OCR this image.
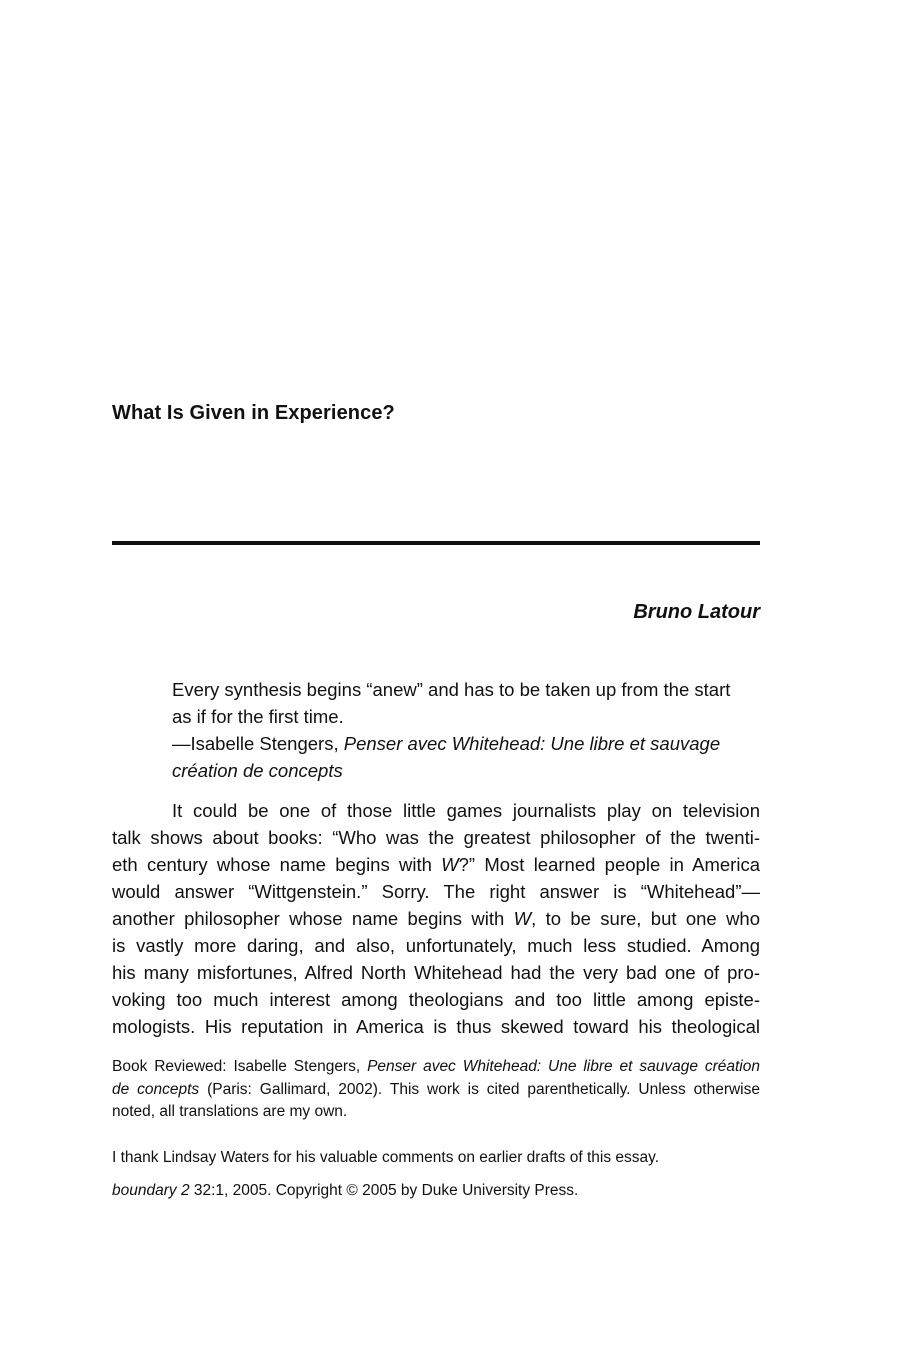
What Is Given in Experience?
Bruno Latour

Every synthesis begins “anew” and has to be taken up from the start

as if for the first time.

—Isabelle Stengers, Penser avec Whitehead: Une libre et sauvage

création de concepts

It could be one of those little games journalists play on television
talk shows about books: “Who was the greatest philosopher of the twenti-
eth century whose name begins with W?” Most learned people in America
would answer “Wittgenstein.” Sorry. The right answer is “Whitehead”—
another philosopher whose name begins with W, to be sure, but one who
is vastly more daring, and also, unfortunately, much less studied. Among
his many misfortunes, Alfred North Whitehead had the very bad one of pro-
voking too much interest among theologians and too little among episte-
mologists. His reputation in America is thus skewed toward his theological
Book Reviewed: Isabelle Stengers, Penser avec Whitehead: Une libre et sauvage création
de concepts (Paris: Gallimard, 2002). This work is cited parenthetically. Unless otherwise
noted, all translations are my own.

I thank Lindsay Waters for his valuable comments on earlier drafts of this essay.

boundary 2 32:1, 2005. Copyright © 2005 by Duke University Press.
